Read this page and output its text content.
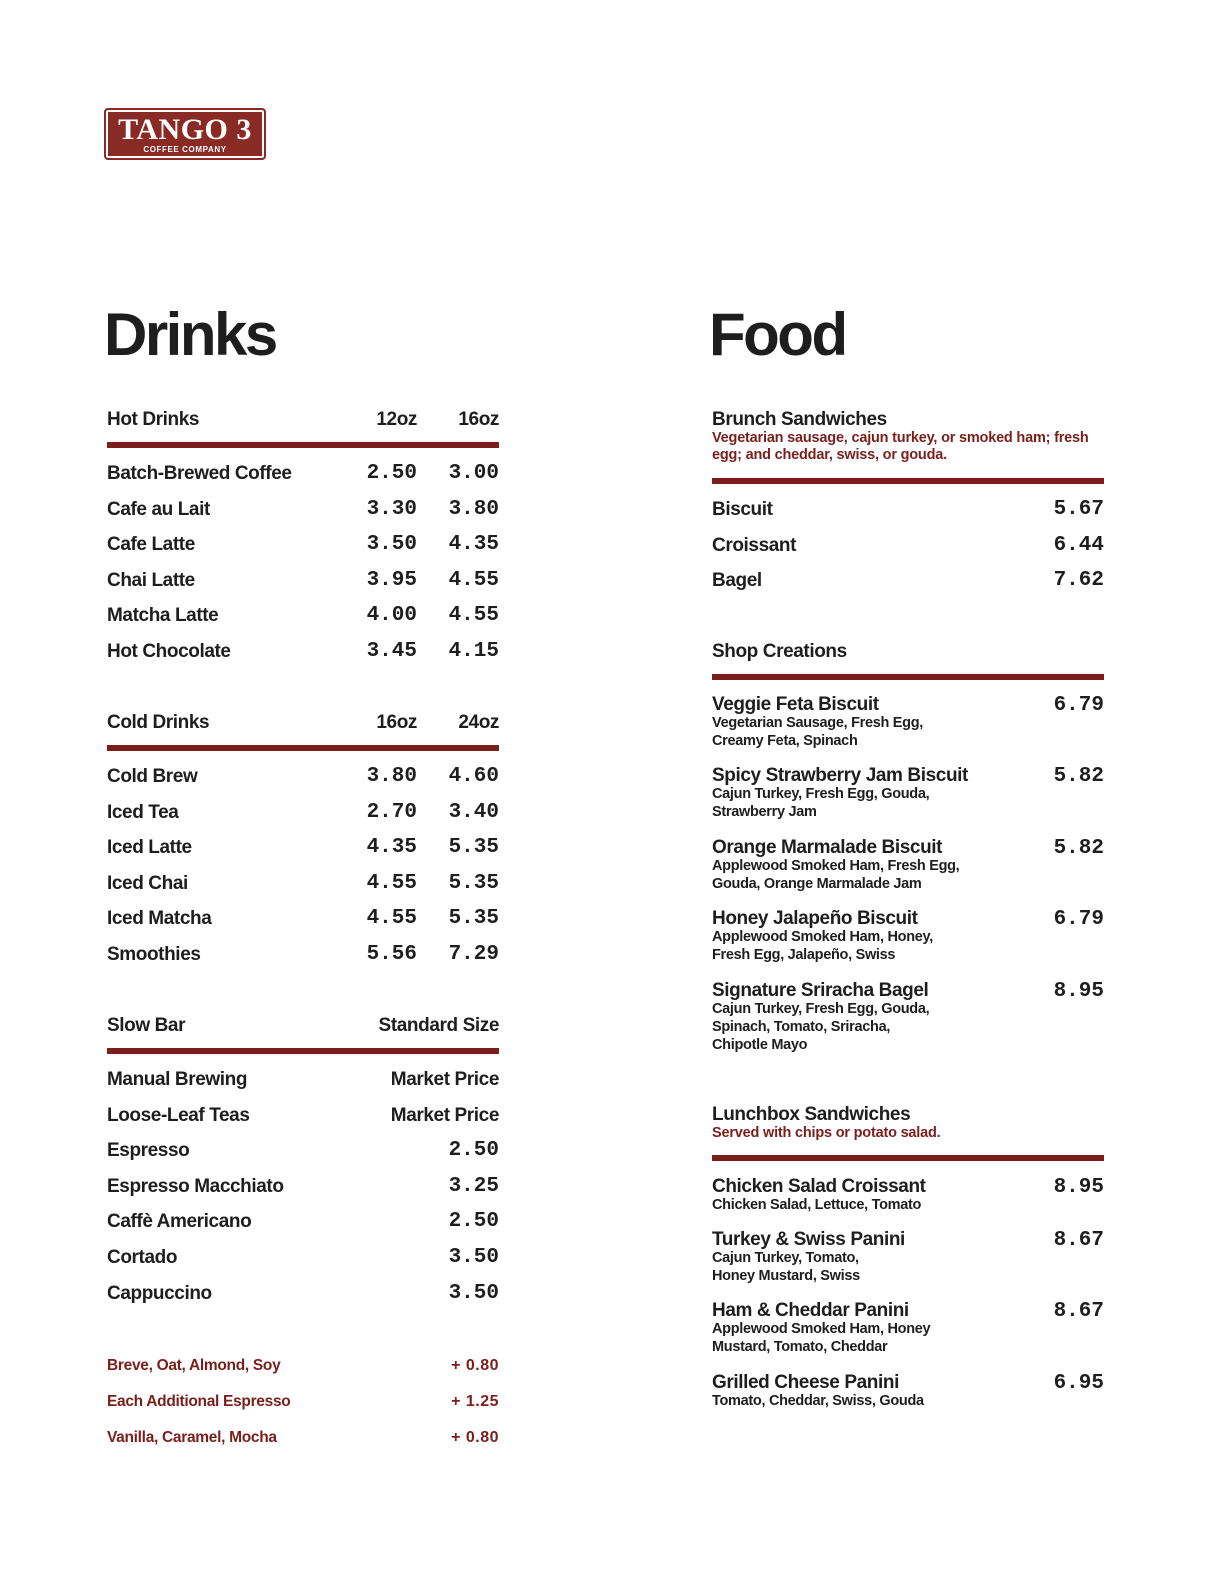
TANGO 3
COFFEE COMPANY
Drinks
Hot Drinks	12oz 16oz
Batch-Brewed Coffee	2.50 3.00
Cafe au Lait	3.30 3.80
Cafe Latte	3.50 4.35
Chai Latte	3.95 4.55
Matcha Latte	4.00 4.55
Hot Chocolate	3.45 4.15
Cold Drinks	16oz 24oz
Cold Brew	3.80 4.60
Iced Tea	2.70 3.40
Iced Latte	4.35 5.35
Iced Chai	4.55 5.35
Iced Matcha	4.55 5.35
Smoothies	5.56 7.29
Slow Bar	Standard Size
Manual Brewing	Market Price
Loose-Leaf Teas	Market Price
Espresso	2.50
Espresso Macchiato	3.25
Caffè Americano	2.50
Cortado	3.50
Cappuccino	3.50
Breve, Oat, Almond, Soy	+ 0.80
Each Additional Espresso	+ 1.25
Vanilla, Caramel, Mocha	+ 0.80
Food
Brunch Sandwiches
Vegetarian sausage, cajun turkey, or smoked ham; fresh egg; and cheddar, swiss, or gouda.
Biscuit	5.67
Croissant	6.44
Bagel	7.62
Shop Creations
Veggie Feta Biscuit
Vegetarian Sausage, Fresh Egg,
Creamy Feta, Spinach
6.79
Spicy Strawberry Jam Biscuit
Cajun Turkey, Fresh Egg, Gouda,
Strawberry Jam
5.82
Orange Marmalade Biscuit
Applewood Smoked Ham, Fresh Egg,
Gouda, Orange Marmalade Jam
5.82
Honey Jalapeño Biscuit
Applewood Smoked Ham, Honey,
Fresh Egg, Jalapeño, Swiss
6.79
Signature Sriracha Bagel
Cajun Turkey, Fresh Egg, Gouda,
Spinach, Tomato, Sriracha,
Chipotle Mayo
8.95
Lunchbox Sandwiches
Served with chips or potato salad.
Chicken Salad Croissant
Chicken Salad, Lettuce, Tomato
8.95
Turkey & Swiss Panini
Cajun Turkey, Tomato,
Honey Mustard, Swiss
8.67
Ham & Cheddar Panini
Applewood Smoked Ham, Honey
Mustard, Tomato, Cheddar
8.67
Grilled Cheese Panini
Tomato, Cheddar, Swiss, Gouda
6.95
